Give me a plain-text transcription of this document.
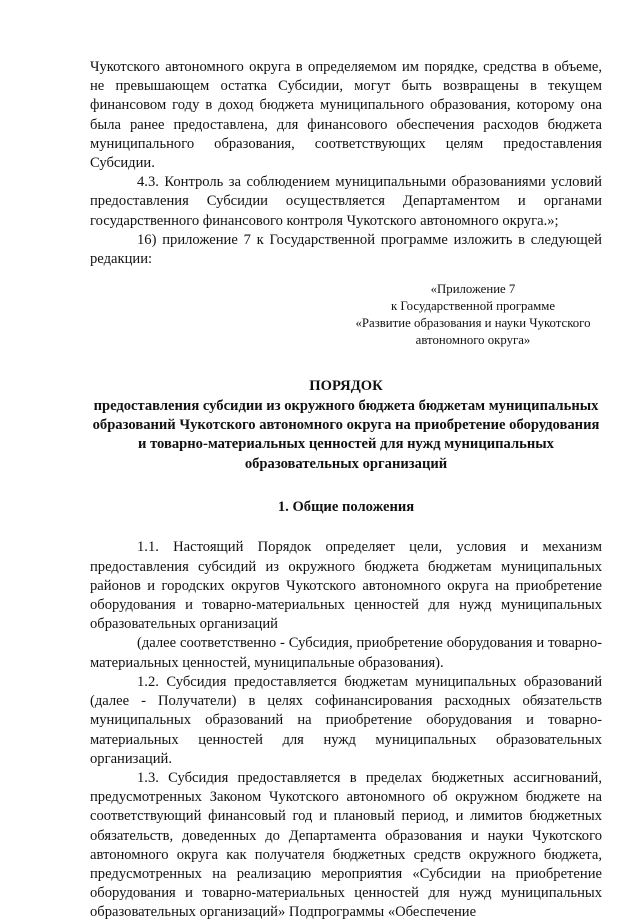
Чукотского автономного округа в определяемом им порядке, средства в объеме, не превышающем остатка Субсидии, могут быть возвращены в текущем финансовом году в доход бюджета муниципального образования, которому она была ранее предоставлена, для финансового обеспечения расходов бюджета муниципального образования, соответствующих целям предоставления Субсидии.

4.3. Контроль за соблюдением муниципальными образованиями условий предоставления Субсидии осуществляется Департаментом и органами государственного финансового контроля Чукотского автономного округа.»;

16) приложение 7 к Государственной программе изложить в следующей редакции:

«Приложение 7
к Государственной программе
«Развитие образования и науки Чукотского
автономного округа»
ПОРЯДОК
предоставления субсидии из окружного бюджета бюджетам муниципальных образований Чукотского автономного округа на приобретение оборудования и товарно-материальных ценностей для нужд муниципальных образовательных организаций
1. Общие положения

1.1. Настоящий Порядок определяет цели, условия и механизм предоставления субсидий из окружного бюджета бюджетам муниципальных районов и городских округов Чукотского автономного округа на приобретение оборудования и товарно-материальных ценностей для нужд муниципальных образовательных организаций

(далее соответственно - Субсидия, приобретение оборудования и товарно-материальных ценностей, муниципальные образования).

1.2. Субсидия предоставляется бюджетам муниципальных образований (далее - Получатели) в целях софинансирования расходных обязательств муниципальных образований на приобретение оборудования и товарно-материальных ценностей для нужд муниципальных образовательных организаций.

1.3. Субсидия предоставляется в пределах бюджетных ассигнований, предусмотренных Законом Чукотского автономного об окружном бюджете на соответствующий финансовый год и плановый период, и лимитов бюджетных обязательств, доведенных до Департамента образования и науки Чукотского автономного округа как получателя бюджетных средств окружного бюджета, предусмотренных на реализацию мероприятия «Субсидии на приобретение оборудования и товарно-материальных ценностей для нужд муниципальных образовательных организаций» Подпрограммы «Обеспечение
